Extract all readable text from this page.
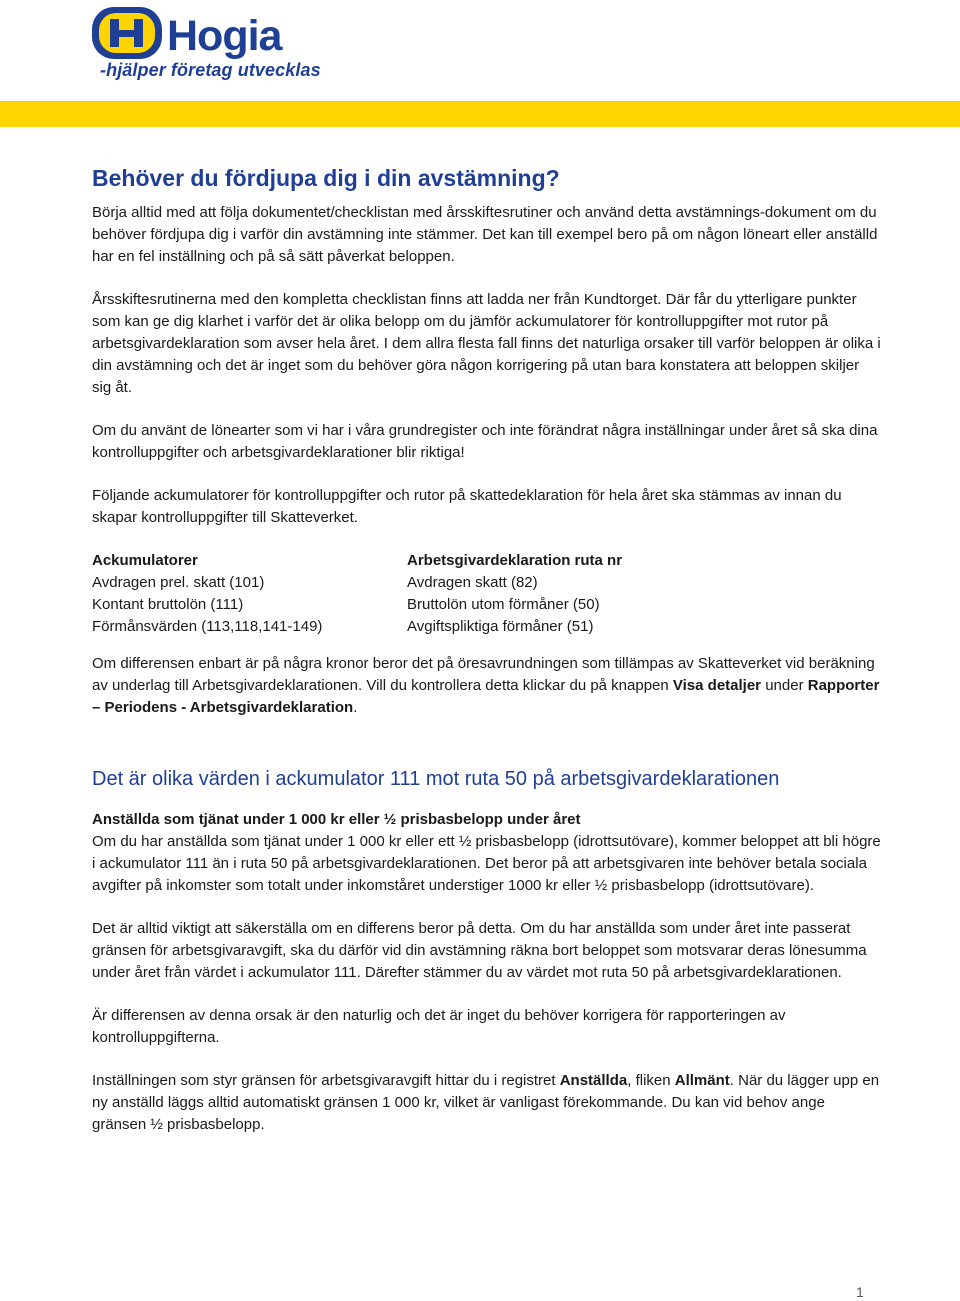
Hogia
-hjälper företag utvecklas
Behöver du fördjupa dig i din avstämning?

Börja alltid med att följa dokumentet/checklistan med årsskiftesrutiner och använd detta avstämnings-dokument om du behöver fördjupa dig i varför din avstämning inte stämmer. Det kan till exempel bero på om någon löneart eller anställd har en fel inställning och på så sätt påverkat beloppen.

Årsskiftesrutinerna med den kompletta checklistan finns att ladda ner från Kundtorget. Där får du ytterligare punkter som kan ge dig klarhet i varför det är olika belopp om du jämför ackumulatorer för kontrolluppgifter mot rutor på arbetsgivardeklaration som avser hela året. I dem allra flesta fall finns det naturliga orsaker till varför beloppen är olika i din avstämning och det är inget som du behöver göra någon korrigering på utan bara konstatera att beloppen skiljer sig åt.

Om du använt de lönearter som vi har i våra grundregister och inte förändrat några inställningar under året så ska dina kontrolluppgifter och arbetsgivardeklarationer blir riktiga!

Följande ackumulatorer för kontrolluppgifter och rutor på skattedeklaration för hela året ska stämmas av innan du skapar kontrolluppgifter till Skatteverket.

Ackumulatorer
Avdragen prel. skatt (101)
Kontant bruttolön (111)
Förmånsvärden (113,118,141-149)
Arbetsgivardeklaration ruta nr
Avdragen skatt (82)
Bruttolön utom förmåner (50)
Avgiftspliktiga förmåner (51)

Om differensen enbart är på några kronor beror det på öresavrundningen som tillämpas av Skatteverket vid beräkning av underlag till Arbetsgivardeklarationen. Vill du kontrollera detta klickar du på knappen Visa detaljer under Rapporter – Periodens - Arbetsgivardeklaration.

Det är olika värden i ackumulator 111 mot ruta 50 på arbetsgivardeklarationen

Anställda som tjänat under 1 000 kr eller ½ prisbasbelopp under året

Om du har anställda som tjänat under 1 000 kr eller ett ½ prisbasbelopp (idrottsutövare), kommer beloppet att bli högre i ackumulator 111 än i ruta 50 på arbetsgivardeklarationen. Det beror på att arbetsgivaren inte behöver betala sociala avgifter på inkomster som totalt under inkomståret understiger 1000 kr eller ½ prisbasbelopp (idrottsutövare).

Det är alltid viktigt att säkerställa om en differens beror på detta. Om du har anställda som under året inte passerat gränsen för arbetsgivaravgift, ska du därför vid din avstämning räkna bort beloppet som motsvarar deras lönesumma under året från värdet i ackumulator 111. Därefter stämmer du av värdet mot ruta 50 på arbetsgivardeklarationen.

Är differensen av denna orsak är den naturlig och det är inget du behöver korrigera för rapporteringen av kontrolluppgifterna.

Inställningen som styr gränsen för arbetsgivaravgift hittar du i registret Anställda, fliken Allmänt. När du lägger upp en ny anställd läggs alltid automatiskt gränsen 1 000 kr, vilket är vanligast förekommande. Du kan vid behov ange gränsen ½ prisbasbelopp.

1
